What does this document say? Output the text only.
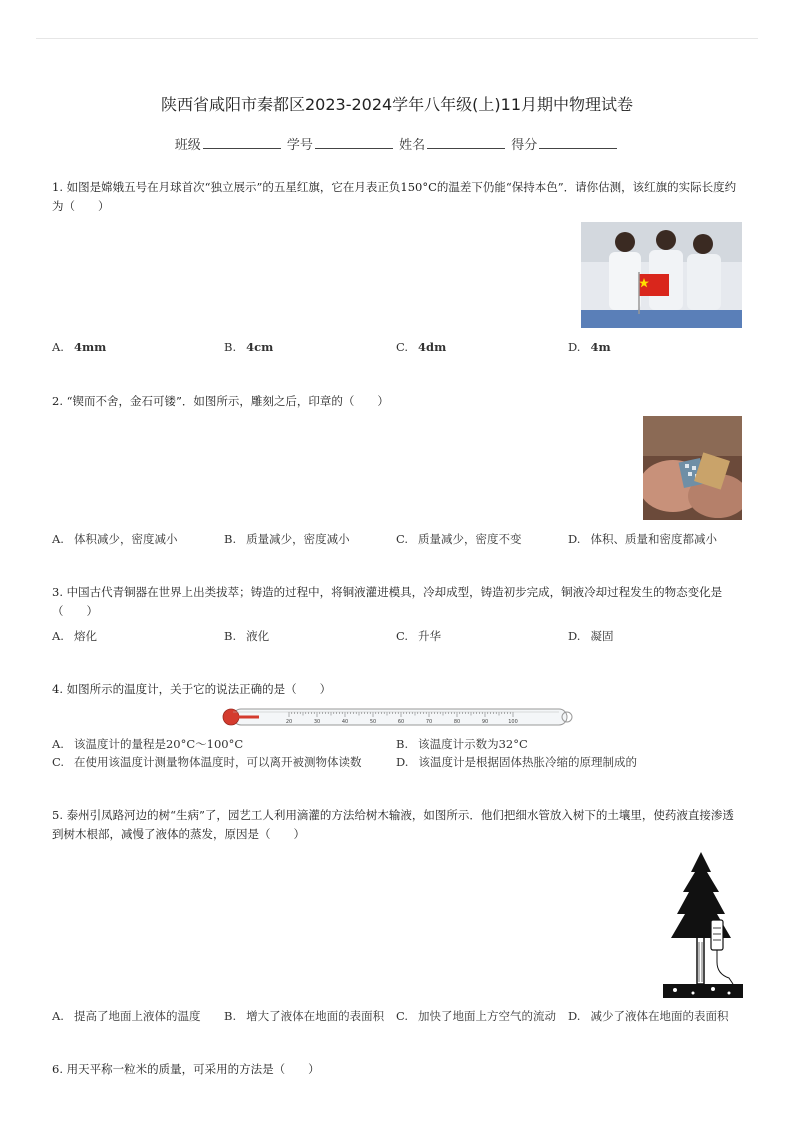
陕西省咸阳市秦都区2023-2024学年八年级(上)11月期中物理试卷
班级	学号	姓名	得分
1. 如图是嫦娥五号在月球首次“独立展示”的五星红旗，它在月表正负150°C的温差下仍能“保持本色”．请你估测，该红旗的实际长度约为（　　）
A. 4mm	B. 4cm	C. 4dm	D. 4m
2. “锲而不舍，金石可镂”．如图所示，雕刻之后，印章的（　　）
A. 体积减少，密度减小	B. 质量减少，密度减小	C. 质量减少，密度不变	D. 体积、质量和密度都减小
3. 中国古代青铜器在世界上出类拔萃；铸造的过程中，将铜液灌进模具，冷却成型，铸造初步完成，铜液冷却过程发生的物态变化是（　　）
A. 熔化	B. 液化	C. 升华	D. 凝固
4. 如图所示的温度计，关于它的说法正确的是（　　）
20	30	40	50	60	70	80	90	100
A. 该温度计的量程是20°C～100°C	B. 该温度计示数为32°C
C. 在使用该温度计测量物体温度时，可以离开被测物体读数	D. 该温度计是根据固体热胀冷缩的原理制成的
5. 泰州引凤路河边的树“生病”了，园艺工人利用滴灌的方法给树木输液，如图所示．他们把细水管放入树下的土壤里，使药液直接渗透到树木根部，减慢了液体的蒸发，原因是（　　）
A. 提高了地面上液体的温度 B. 增大了液体在地面的表面积 C. 加快了地面上方空气的流动 D. 减少了液体在地面的表面积
6. 用天平称一粒米的质量，可采用的方法是（　　）
